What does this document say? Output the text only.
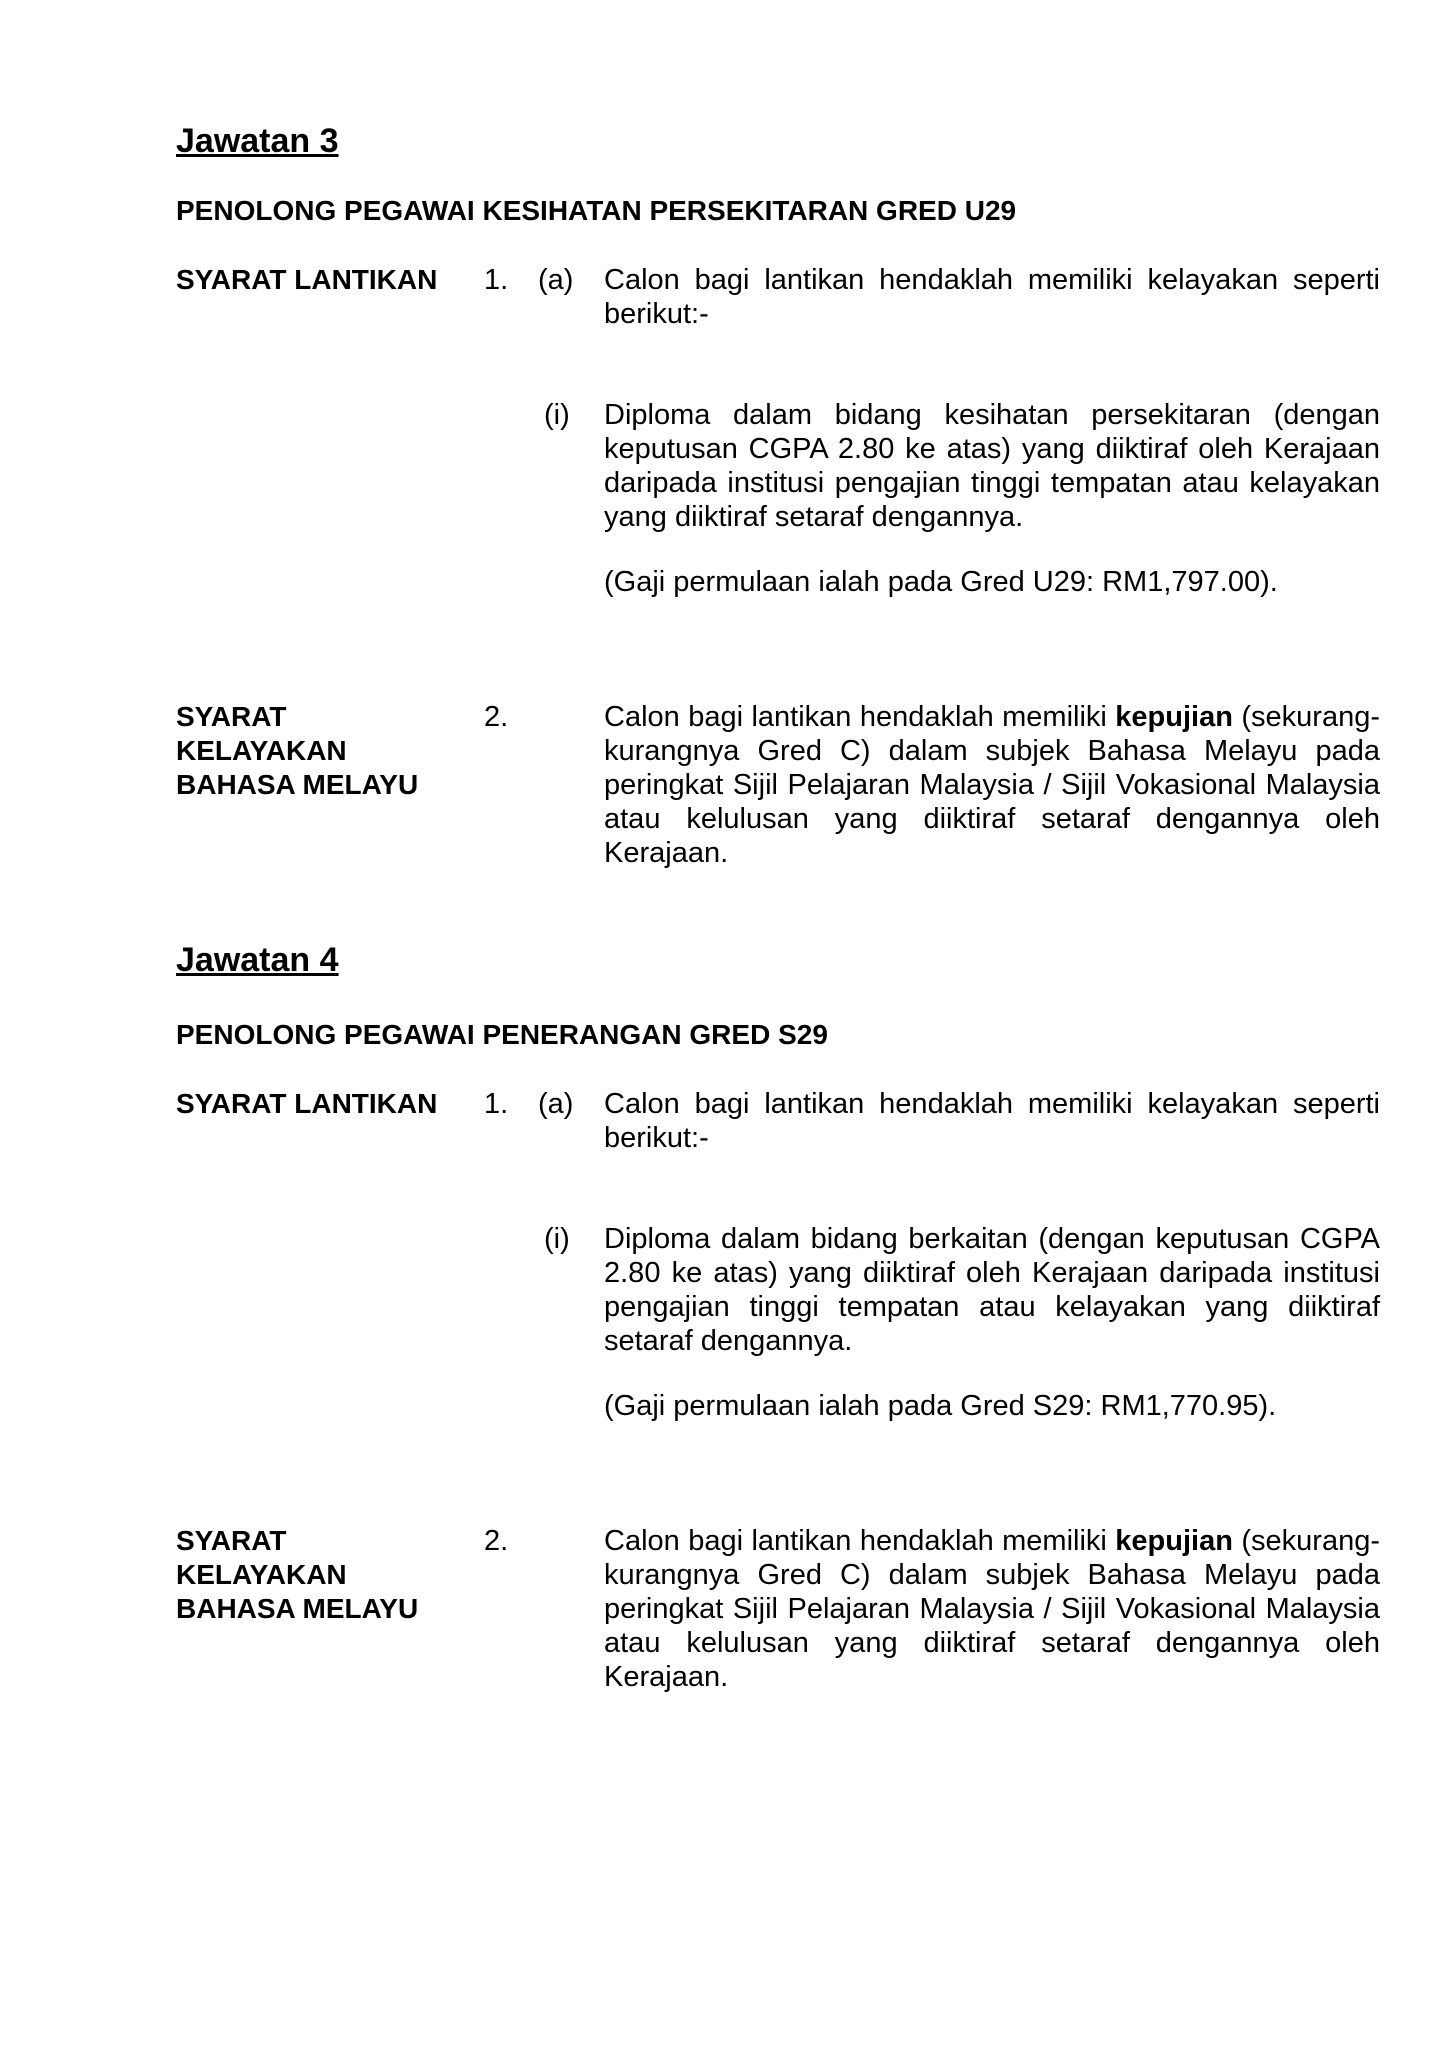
Jawatan 3
PENOLONG PEGAWAI KESIHATAN PERSEKITARAN GRED U29
SYARAT LANTIKAN 1. (a) Calon bagi lantikan hendaklah memiliki kelayakan seperti berikut:-
(i) Diploma dalam bidang kesihatan persekitaran (dengan keputusan CGPA 2.80 ke atas) yang diiktiraf oleh Kerajaan daripada institusi pengajian tinggi tempatan atau kelayakan yang diiktiraf setaraf dengannya.
(Gaji permulaan ialah pada Gred U29: RM1,797.00).
SYARAT
KELAYAKAN
BAHASA MELAYU
2.	Calon bagi lantikan hendaklah memiliki kepujian (sekurang-kurangnya Gred C) dalam subjek Bahasa Melayu pada peringkat Sijil Pelajaran Malaysia / Sijil Vokasional Malaysia atau kelulusan yang diiktiraf setaraf dengannya oleh Kerajaan.
Jawatan 4
PENOLONG PEGAWAI PENERANGAN GRED S29
SYARAT LANTIKAN 1. (a) Calon bagi lantikan hendaklah memiliki kelayakan seperti berikut:-
(i) Diploma dalam bidang berkaitan (dengan keputusan CGPA 2.80 ke atas) yang diiktiraf oleh Kerajaan daripada institusi pengajian tinggi tempatan atau kelayakan yang diiktiraf setaraf dengannya.
(Gaji permulaan ialah pada Gred S29: RM1,770.95).
SYARAT
KELAYAKAN
BAHASA MELAYU
2.	Calon bagi lantikan hendaklah memiliki kepujian (sekurang-kurangnya Gred C) dalam subjek Bahasa Melayu pada peringkat Sijil Pelajaran Malaysia / Sijil Vokasional Malaysia atau kelulusan yang diiktiraf setaraf dengannya oleh Kerajaan.
